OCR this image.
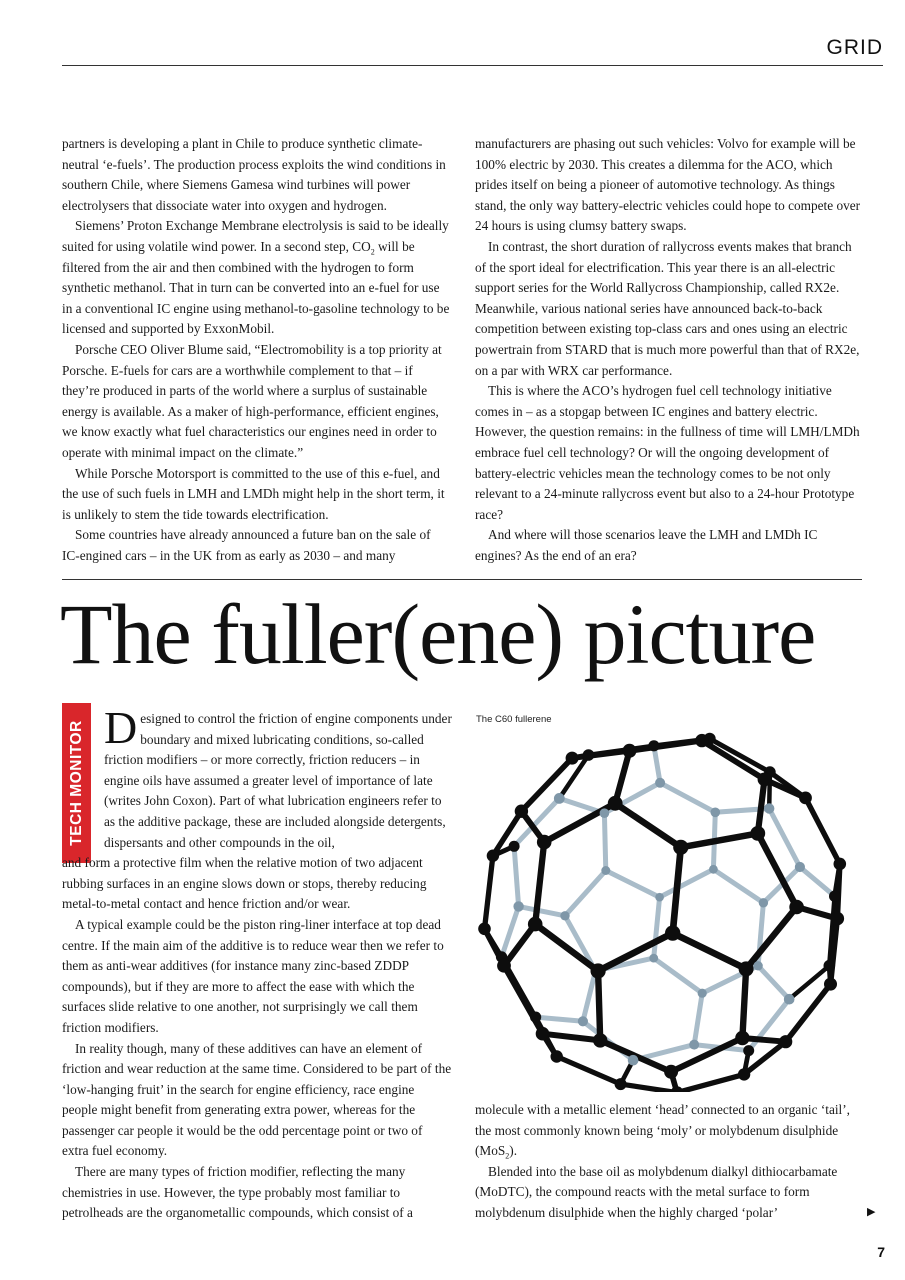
GRID

partners is developing a plant in Chile to produce synthetic climate-neutral ‘e-fuels’. The production process exploits the wind conditions in southern Chile, where Siemens Gamesa wind turbines will power electrolysers that dissociate water into oxygen and hydrogen.

Siemens’ Proton Exchange Membrane electrolysis is said to be ideally suited for using volatile wind power. In a second step, $CO_2$ will be filtered from the air and then combined with the hydrogen to form synthetic methanol. That in turn can be converted into an e-fuel for use in a conventional IC engine using methanol-to-gasoline technology to be licensed and supported by ExxonMobil.

Porsche CEO Oliver Blume said, “Electromobility is a top priority at Porsche. E-fuels for cars are a worthwhile complement to that – if they’re produced in parts of the world where a surplus of sustainable energy is available. As a maker of high-performance, efficient engines, we know exactly what fuel characteristics our engines need in order to operate with minimal impact on the climate.”

While Porsche Motorsport is committed to the use of this e-fuel, and the use of such fuels in LMH and LMDh might help in the short term, it is unlikely to stem the tide towards electrification.

Some countries have already announced a future ban on the sale of IC-engined cars – in the UK from as early as 2030 – and many

manufacturers are phasing out such vehicles: Volvo for example will be 100% electric by 2030. This creates a dilemma for the ACO, which prides itself on being a pioneer of automotive technology. As things stand, the only way battery-electric vehicles could hope to compete over 24 hours is using clumsy battery swaps.

In contrast, the short duration of rallycross events makes that branch of the sport ideal for electrification. This year there is an all-electric support series for the World Rallycross Championship, called RX2e. Meanwhile, various national series have announced back-to-back competition between existing top-class cars and ones using an electric powertrain from STARD that is much more powerful than that of RX2e, on a par with WRX car performance.

This is where the ACO’s hydrogen fuel cell technology initiative comes in – as a stopgap between IC engines and battery electric. However, the question remains: in the fullness of time will LMH/LMDh embrace fuel cell technology? Or will the ongoing development of battery-electric vehicles mean the technology comes to be not only relevant to a 24-minute rallycross event but also to a 24-hour Prototype race?

And where will those scenarios leave the LMH and LMDh IC engines? As the end of an era?

The fuller(ene) picture
TECH MONITOR Designed to control the friction of engine components under boundary and mixed lubricating conditions, so-called friction modifiers – or more correctly, friction reducers – in engine oils have assumed a greater level of importance of late (writes John Coxon). Part of what lubrication engineers refer to as the additive package, these are included alongside detergents, dispersants and other compounds in the oil,

and form a protective film when the relative motion of two adjacent rubbing surfaces in an engine slows down or stops, thereby reducing metal-to-metal contact and hence friction and/or wear.

A typical example could be the piston ring-liner interface at top dead centre. If the main aim of the additive is to reduce wear then we refer to them as anti-wear additives (for instance many zinc-based ZDDP compounds), but if they are more to affect the ease with which the surfaces slide relative to one another, not surprisingly we call them friction modifiers.

In reality though, many of these additives can have an element of friction and wear reduction at the same time. Considered to be part of the ‘low-hanging fruit’ in the search for engine efficiency, race engine people might benefit from generating extra power, whereas for the passenger car people it would be the odd percentage point or two of extra fuel economy.

There are many types of friction modifier, reflecting the many chemistries in use. However, the type probably most familiar to petrolheads are the organometallic compounds, which consist of a

The C60 fullerene

molecule with a metallic element ‘head’ connected to an organic ‘tail’, the most commonly known being ‘moly’ or molybdenum disulphide (MoS$_2$).

Blended into the base oil as molybdenum dialkyl dithiocarbamate (MoDTC), the compound reacts with the metal surface to form molybdenum disulphide when the highly charged ‘polar’	▶
7
